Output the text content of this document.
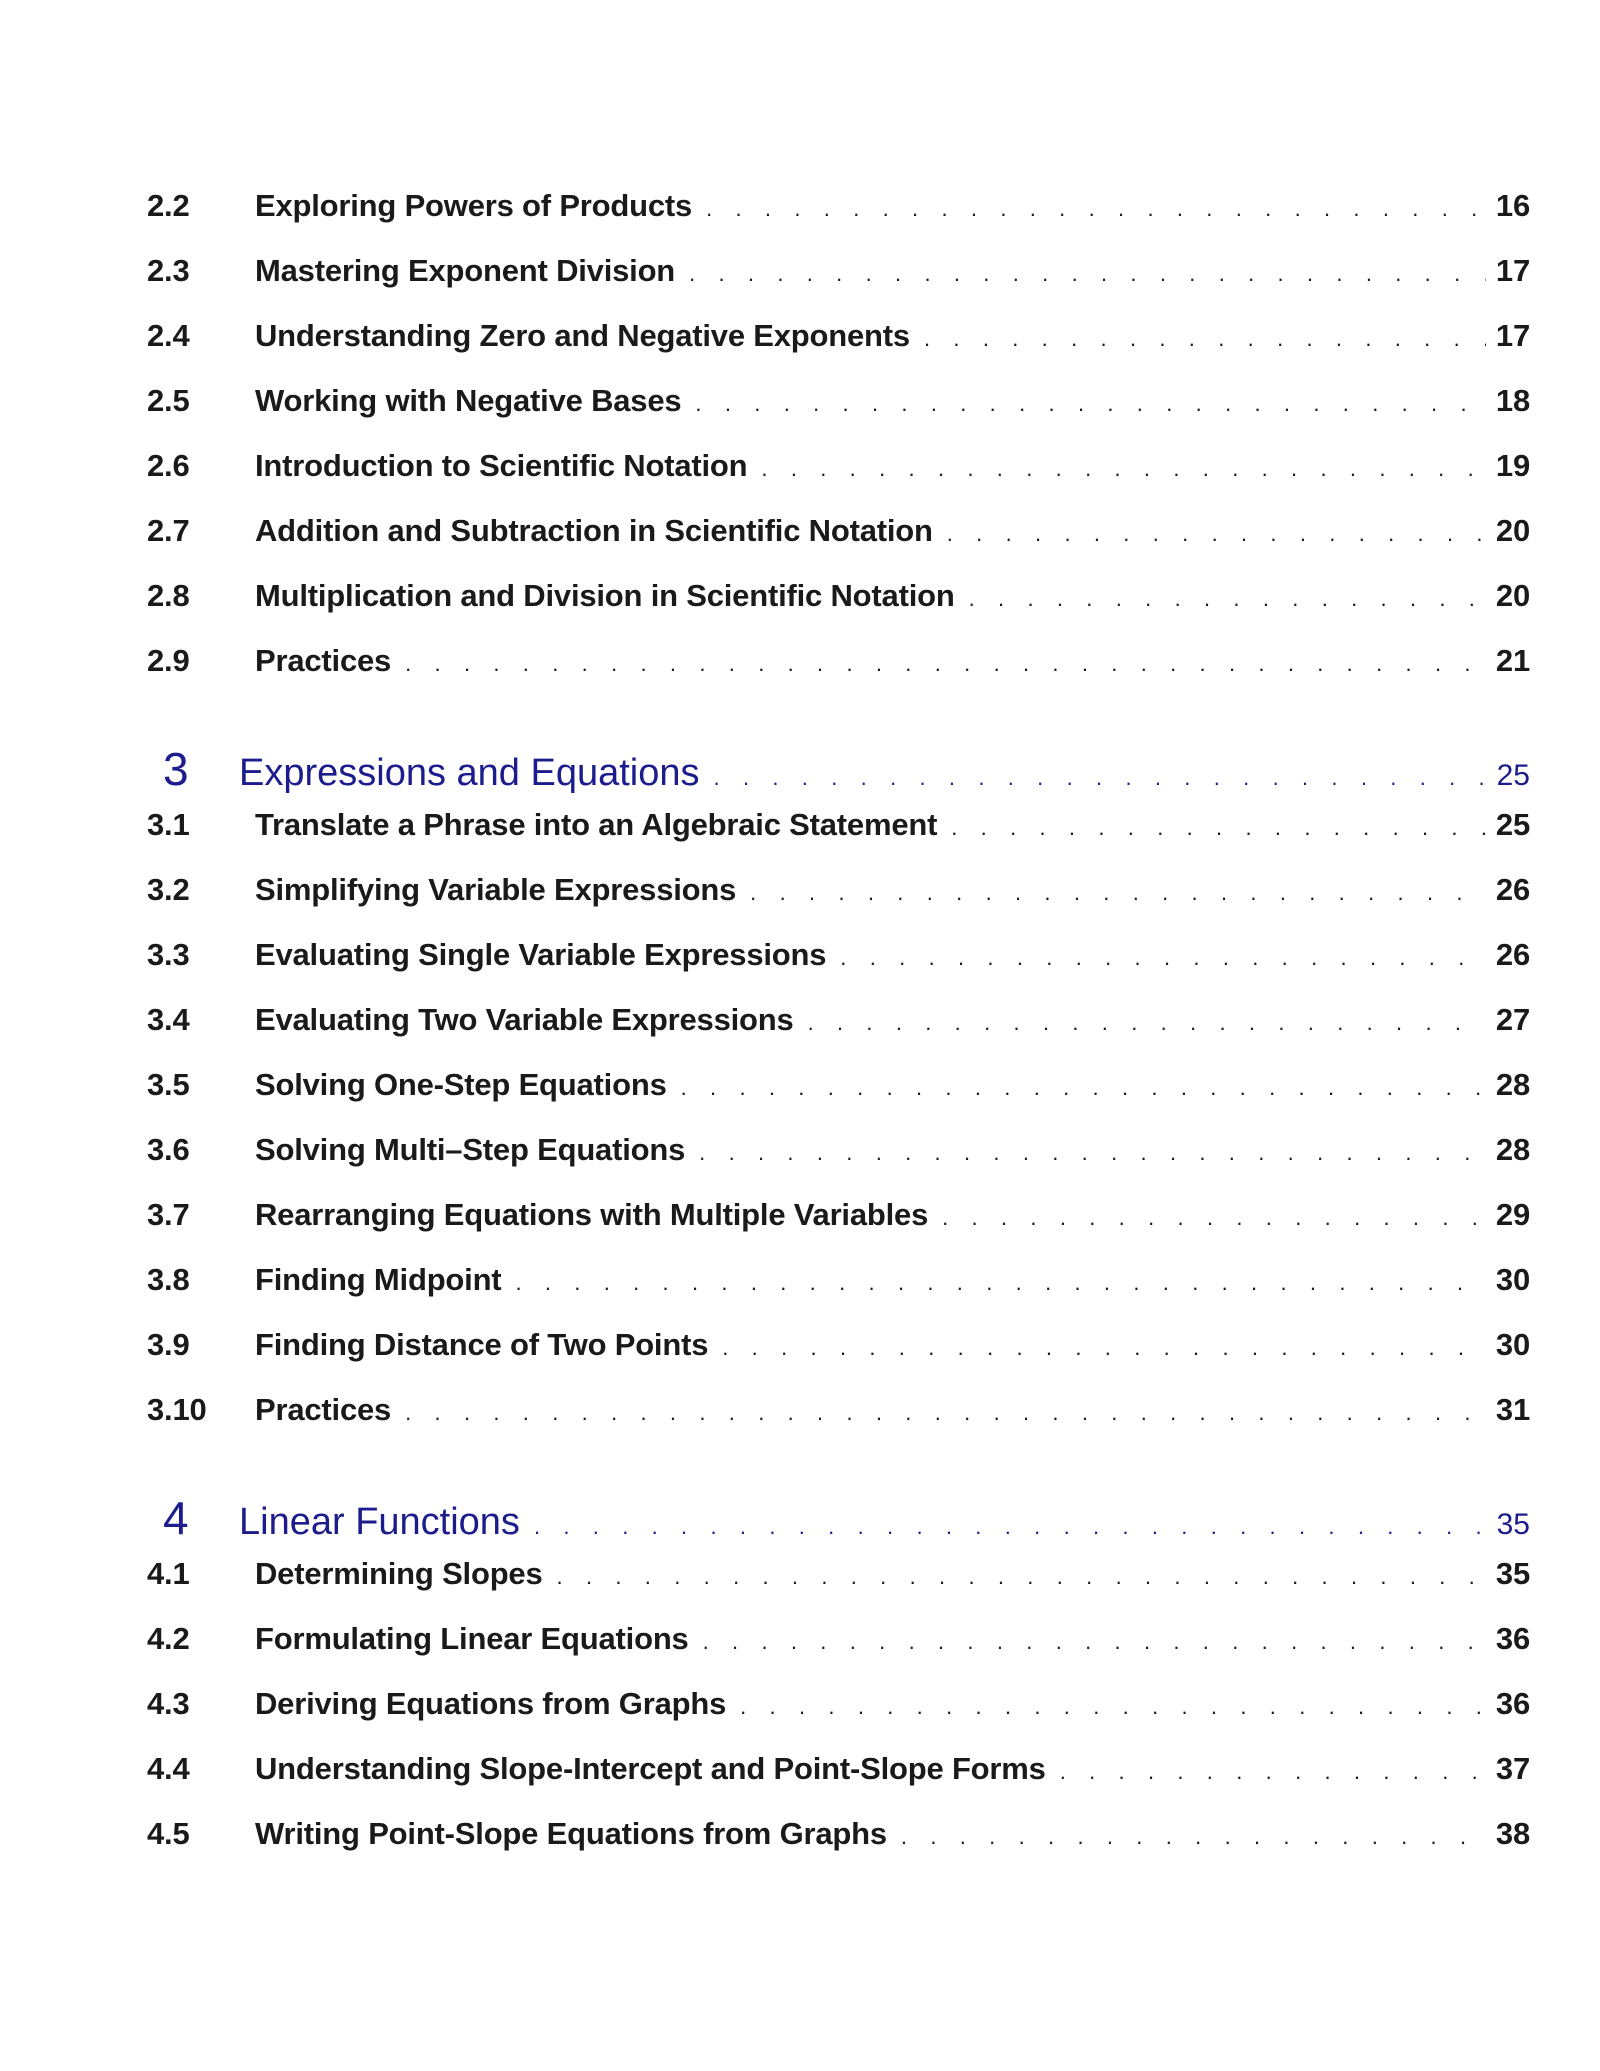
2.2	Exploring Powers of Products . . .	16
2.3	Mastering Exponent Division . . .	17
2.4	Understanding Zero and Negative Exponents . . .	17
2.5	Working with Negative Bases . . .	18
2.6	Introduction to Scientific Notation . . .	19
2.7	Addition and Subtraction in Scientific Notation . . .	20
2.8	Multiplication and Division in Scientific Notation . . .	20
2.9	Practices . . .	21
3	Expressions and Equations . . .	25
3.1	Translate a Phrase into an Algebraic Statement . . .	25
3.2	Simplifying Variable Expressions . . .	26
3.3	Evaluating Single Variable Expressions . . .	26
3.4	Evaluating Two Variable Expressions . . .	27
3.5	Solving One-Step Equations . . .	28
3.6	Solving Multi–Step Equations . . .	28
3.7	Rearranging Equations with Multiple Variables . . .	29
3.8	Finding Midpoint . . .	30
3.9	Finding Distance of Two Points . . .	30
3.10	Practices . . .	31
4	Linear Functions . . .	35
4.1	Determining Slopes . . .	35
4.2	Formulating Linear Equations . . .	36
4.3	Deriving Equations from Graphs . . .	36
4.4	Understanding Slope-Intercept and Point-Slope Forms . . .	37
4.5	Writing Point-Slope Equations from Graphs . . .	38
